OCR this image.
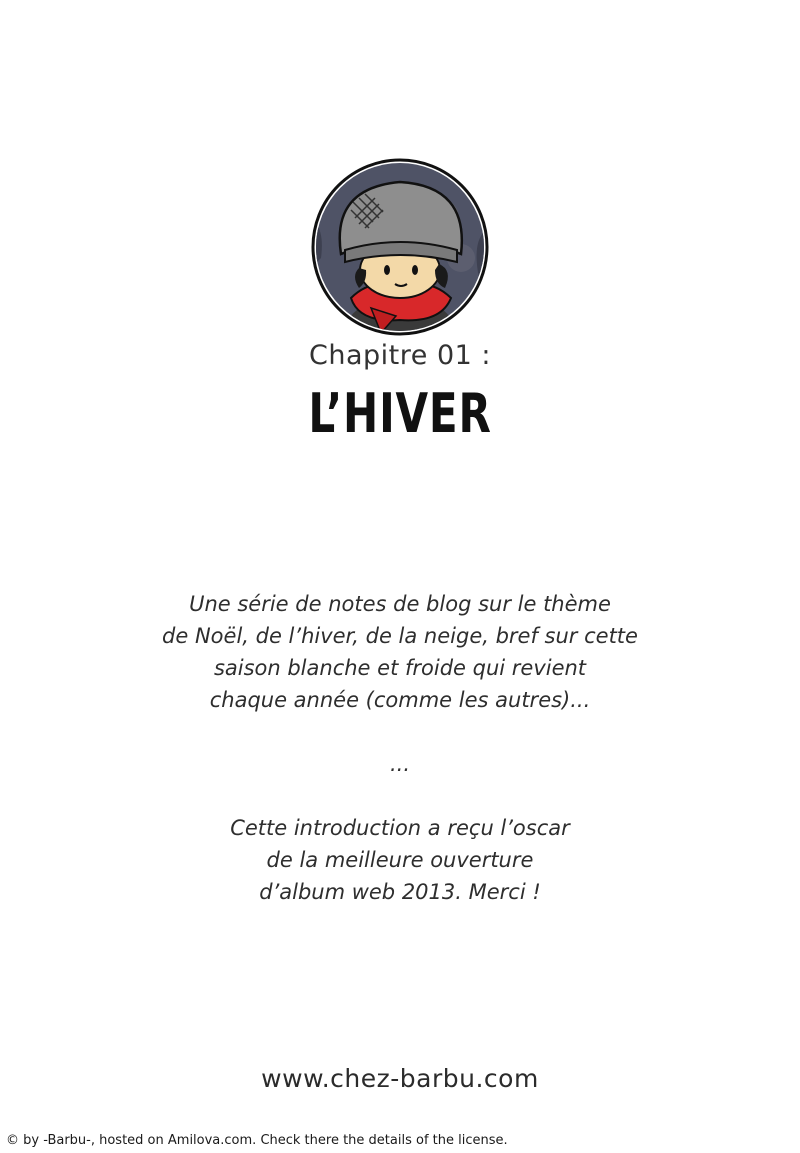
Chapitre 01 :
L’HIVER
Une série de notes de blog sur le thème
de Noël, de l’hiver, de la neige, bref sur cette
saison blanche et froide qui revient
chaque année (comme les autres)...
...
Cette introduction a reçu l’oscar
de la meilleure ouverture
d’album web 2013. Merci !
www.chez-barbu.com
© by -Barbu-, hosted on Amilova.com. Check there the details of the license.
